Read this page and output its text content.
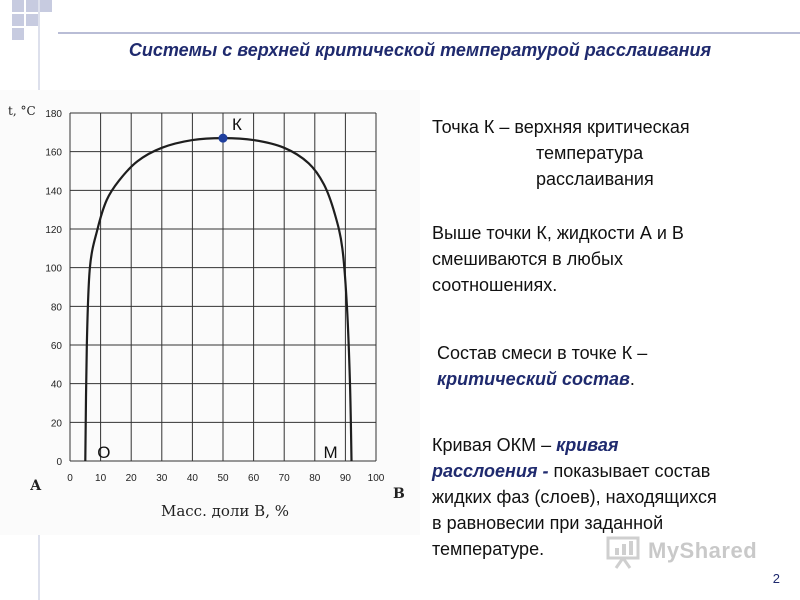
Системы с верхней критической температурой расслаивания
0 10 20 30 40 50 60 70 80 90 100
0
20
40
60
80
100
120
140
160
180
К
О	М
t, °C
Масс. доли В, %
А	В
Точка К – верхняя критическая
температура
расслаивания
Выше точки К, жидкости А и В
смешиваются в любых
соотношениях.
Состав смеси в точке К –
критический состав.
Кривая ОКМ – кривая
расслоения - показывает состав
жидких фаз (слоев), находящихся
в равновесии при заданной
температуре.	MyShared
2
